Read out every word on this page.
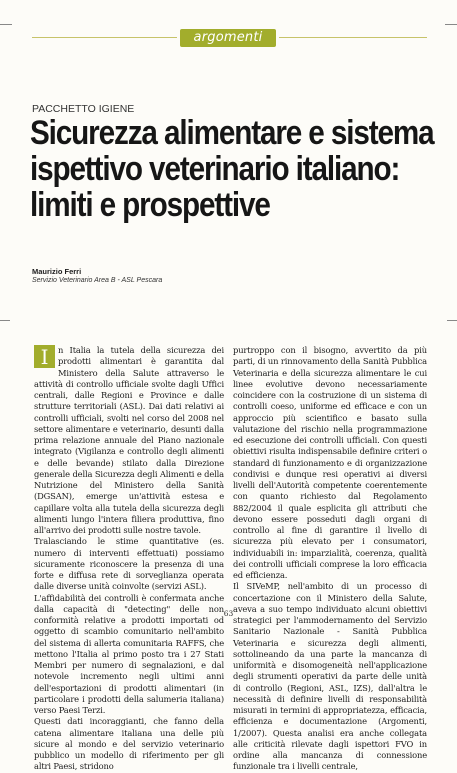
argomenti
PACCHETTO IGIENE
Sicurezza alimentare e sistema ispettivo veterinario italiano: limiti e prospettive
Maurizio Ferri
Servizio Veterinario Area B - ASL Pescara
I	n Italia la tutela della sicurezza dei prodotti alimentari è garantita dal Ministero della Salute attraverso le attività di controllo ufficiale svolte dagli Uffici centrali, dalle Regioni e Province e dalle strutture territoriali (ASL). Dai dati relativi ai controlli ufficiali, svolti nel corso del 2008 nel settore alimentare e veterinario, desunti dalla prima relazione annuale del Piano nazionale integrato (Vigilanza e controllo degli alimenti e delle bevande) stilato dalla Direzione generale della Sicurezza degli Alimenti e della Nutrizione del Ministero della Sanità (DGSAN), emerge un'attività estesa e capillare volta alla tutela della sicurezza degli alimenti lungo l'intera filiera produttiva, fino all'arrivo dei prodotti sulle nostre tavole.

Tralasciando le stime quantitative (es. numero di interventi effettuati) possiamo sicuramente riconoscere la presenza di una forte e diffusa rete di sorveglianza operata dalle diverse unità coinvolte (servizi ASL).

L'affidabilità dei controlli è confermata anche dalla capacità di "detecting" delle non conformità relative a prodotti importati od oggetto di scambio comunitario nell'ambito del sistema di allerta comunitaria RAFFS, che mettono l'Italia al primo posto tra i 27 Stati Membri per numero di segnalazioni, e dal notevole incremento negli ultimi anni dell'esportazioni di prodotti alimentari (in particolare i prodotti della salumeria italiana) verso Paesi Terzi.

Questi dati incoraggianti, che fanno della catena alimentare italiana una delle più sicure al mondo e del servizio veterinario pubblico un modello di riferimento per gli altri Paesi, stridono

purtroppo con il bisogno, avvertito da più parti, di un rinnovamento della Sanità Pubblica Veterinaria e della sicurezza alimentare le cui linee evolutive devono necessariamente coincidere con la costruzione di un sistema di controlli coeso, uniforme ed efficace e con un approccio più scientifico e basato sulla valutazione del rischio nella programmazione ed esecuzione dei controlli ufficiali. Con questi obiettivi risulta indispensabile definire criteri o standard di funzionamento e di organizzazione condivisi e dunque resi operativi ai diversi livelli dell'Autorità competente coerentemente con quanto richiesto dal Regolamento 882/2004 il quale esplicita gli attributi che devono essere posseduti dagli organi di controllo al fine di garantire il livello di sicurezza più elevato per i consumatori, individuabili in: imparzialità, coerenza, qualità dei controlli ufficiali comprese la loro efficacia ed efficienza.

Il SIVeMP, nell'ambito di un processo di concertazione con il Ministero della Salute, aveva a suo tempo individuato alcuni obiettivi strategici per l'ammodernamento del Servizio Sanitario Nazionale - Sanità Pubblica Veterinaria e sicurezza degli alimenti, sottolineando da una parte la mancanza di uniformità e disomogeneità nell'applicazione degli strumenti operativi da parte delle unità di controllo (Regioni, ASL, IZS), dall'altra le necessità di definire livelli di responsabilità misurati in termini di appropriatezza, efficacia, efficienza e documentazione (Argomenti, 1/2007). Questa analisi era anche collegata alle criticità rilevate dagli ispettori FVO in ordine alla mancanza di connessione funzionale tra i livelli centrale,

63
